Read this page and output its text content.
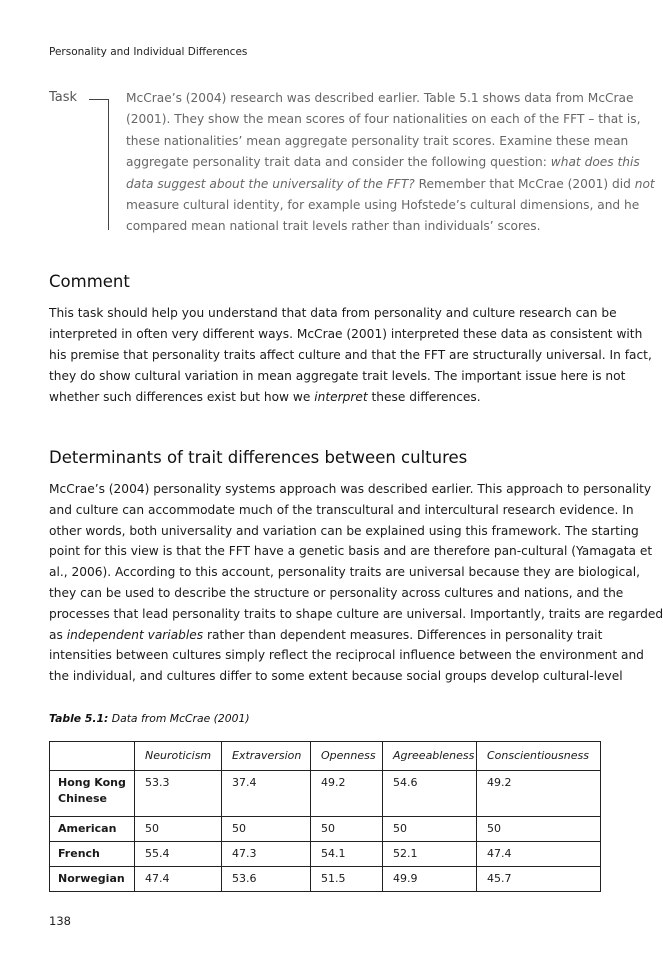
Personality and Individual Differences
Task	McCrae’s (2004) research was described earlier. Table 5.1 shows data from McCrae
(2001). They show the mean scores of four nationalities on each of the FFT – that is,
these nationalities’ mean aggregate personality trait scores. Examine these mean
aggregate personality trait data and consider the following question: what does this
data suggest about the universality of the FFT? Remember that McCrae (2001) did not
measure cultural identity, for example using Hofstede’s cultural dimensions, and he
compared mean national trait levels rather than individuals’ scores.
Comment
This task should help you understand that data from personality and culture research can be
interpreted in often very different ways. McCrae (2001) interpreted these data as consistent with
his premise that personality traits affect culture and that the FFT are structurally universal. In fact,
they do show cultural variation in mean aggregate trait levels. The important issue here is not
whether such differences exist but how we interpret these differences.
Determinants of trait differences between cultures
McCrae’s (2004) personality systems approach was described earlier. This approach to personality
and culture can accommodate much of the transcultural and intercultural research evidence. In
other words, both universality and variation can be explained using this framework. The starting
point for this view is that the FFT have a genetic basis and are therefore pan-cultural (Yamagata et
al., 2006). According to this account, personality traits are universal because they are biological,
they can be used to describe the structure or personality across cultures and nations, and the
processes that lead personality traits to shape culture are universal. Importantly, traits are regarded
as independent variables rather than dependent measures. Differences in personality trait
intensities between cultures simply reflect the reciprocal influence between the environment and
the individual, and cultures differ to some extent because social groups develop cultural-level
Table 5.1: Data from McCrae (2001)
	Neuroticism	Extraversion	Openness	Agreeableness	Conscientiousness
Hong Kong Chinese	53.3	37.4	49.2	54.6	49.2
American	50	50	50	50	50
French	55.4	47.3	54.1	52.1	47.4
Norwegian	47.4	53.6	51.5	49.9	45.7
138
